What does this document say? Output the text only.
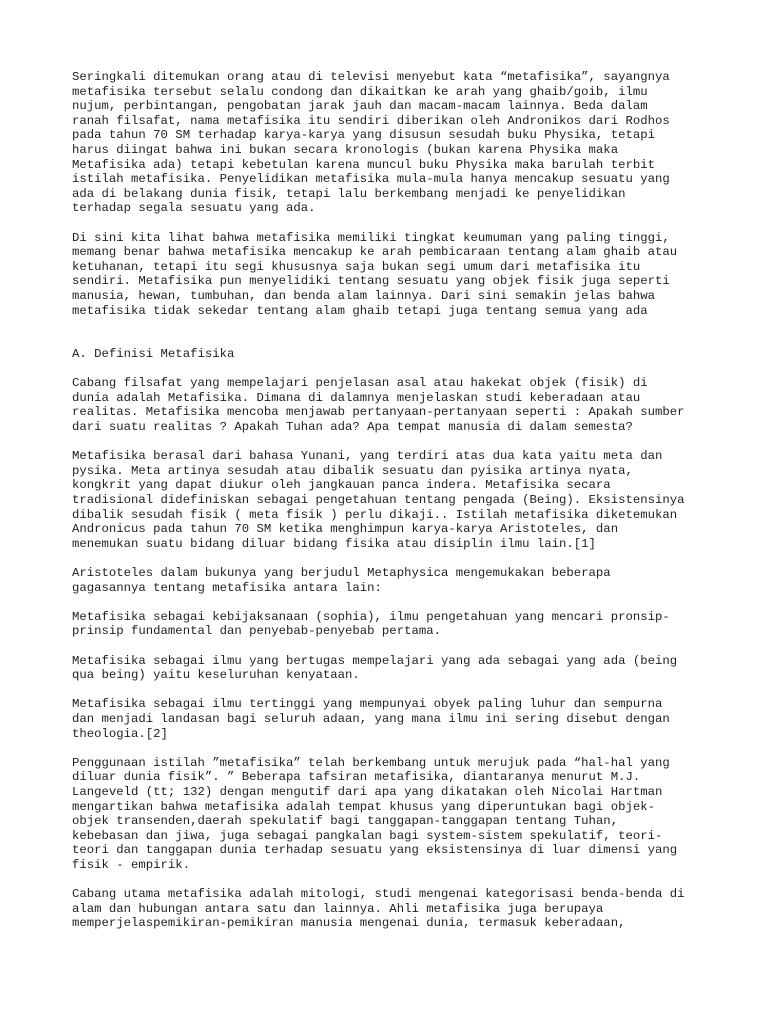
Seringkali ditemukan orang atau di televisi menyebut kata “metafisika”, sayangnya
metafisika tersebut selalu condong dan dikaitkan ke arah yang ghaib/goib, ilmu
nujum, perbintangan, pengobatan jarak jauh dan macam-macam lainnya. Beda dalam
ranah filsafat, nama metafisika itu sendiri diberikan oleh Andronikos dari Rodhos
pada tahun 70 SM terhadap karya-karya yang disusun sesudah buku Physika, tetapi
harus diingat bahwa ini bukan secara kronologis (bukan karena Physika maka
Metafisika ada) tetapi kebetulan karena muncul buku Physika maka barulah terbit
istilah metafisika. Penyelidikan metafisika mula-mula hanya mencakup sesuatu yang
ada di belakang dunia fisik, tetapi lalu berkembang menjadi ke penyelidikan
terhadap segala sesuatu yang ada.

Di sini kita lihat bahwa metafisika memiliki tingkat keumuman yang paling tinggi,
memang benar bahwa metafisika mencakup ke arah pembicaraan tentang alam ghaib atau
ketuhanan, tetapi itu segi khususnya saja bukan segi umum dari metafisika itu
sendiri. Metafisika pun menyelidiki tentang sesuatu yang objek fisik juga seperti
manusia, hewan, tumbuhan, dan benda alam lainnya. Dari sini semakin jelas bahwa
metafisika tidak sekedar tentang alam ghaib tetapi juga tentang semua yang ada

A. Definisi Metafisika

Cabang filsafat yang mempelajari penjelasan asal atau hakekat objek (fisik) di
dunia adalah Metafisika. Dimana di dalamnya menjelaskan studi keberadaan atau
realitas. Metafisika mencoba menjawab pertanyaan-pertanyaan seperti : Apakah sumber
dari suatu realitas ? Apakah Tuhan ada? Apa tempat manusia di dalam semesta?

Metafisika berasal dari bahasa Yunani, yang terdiri atas dua kata yaitu meta dan
pysika. Meta artinya sesudah atau dibalik sesuatu dan pyisika artinya nyata,
kongkrit yang dapat diukur oleh jangkauan panca indera. Metafisika secara
tradisional didefiniskan sebagai pengetahuan tentang pengada (Being). Eksistensinya
dibalik sesudah fisik ( meta fisik ) perlu dikaji.. Istilah metafisika diketemukan
Andronicus pada tahun 70 SM ketika menghimpun karya-karya Aristoteles, dan
menemukan suatu bidang diluar bidang fisika atau disiplin ilmu lain.[1]

Aristoteles dalam bukunya yang berjudul Metaphysica mengemukakan beberapa
gagasannya tentang metafisika antara lain:

Metafisika sebagai kebijaksanaan (sophia), ilmu pengetahuan yang mencari pronsip-
prinsip fundamental dan penyebab-penyebab pertama.

Metafisika sebagai ilmu yang bertugas mempelajari yang ada sebagai yang ada (being
qua being) yaitu keseluruhan kenyataan.

Metafisika sebagai ilmu tertinggi yang mempunyai obyek paling luhur dan sempurna
dan menjadi landasan bagi seluruh adaan, yang mana ilmu ini sering disebut dengan
theologia.[2]

Penggunaan istilah ”metafisika” telah berkembang untuk merujuk pada “hal-hal yang
diluar dunia fisik”. ” Beberapa tafsiran metafisika, diantaranya menurut M.J.
Langeveld (tt; 132) dengan mengutif dari apa yang dikatakan oleh Nicolai Hartman
mengartikan bahwa metafisika adalah tempat khusus yang diperuntukan bagi objek-
objek transenden,daerah spekulatif bagi tanggapan-tanggapan tentang Tuhan,
kebebasan dan jiwa, juga sebagai pangkalan bagi system-sistem spekulatif, teori-
teori dan tanggapan dunia terhadap sesuatu yang eksistensinya di luar dimensi yang
fisik - empirik.

Cabang utama metafisika adalah mitologi, studi mengenai kategorisasi benda-benda di
alam dan hubungan antara satu dan lainnya. Ahli metafisika juga berupaya
memperjelaspemikiran-pemikiran manusia mengenai dunia, termasuk keberadaan,
